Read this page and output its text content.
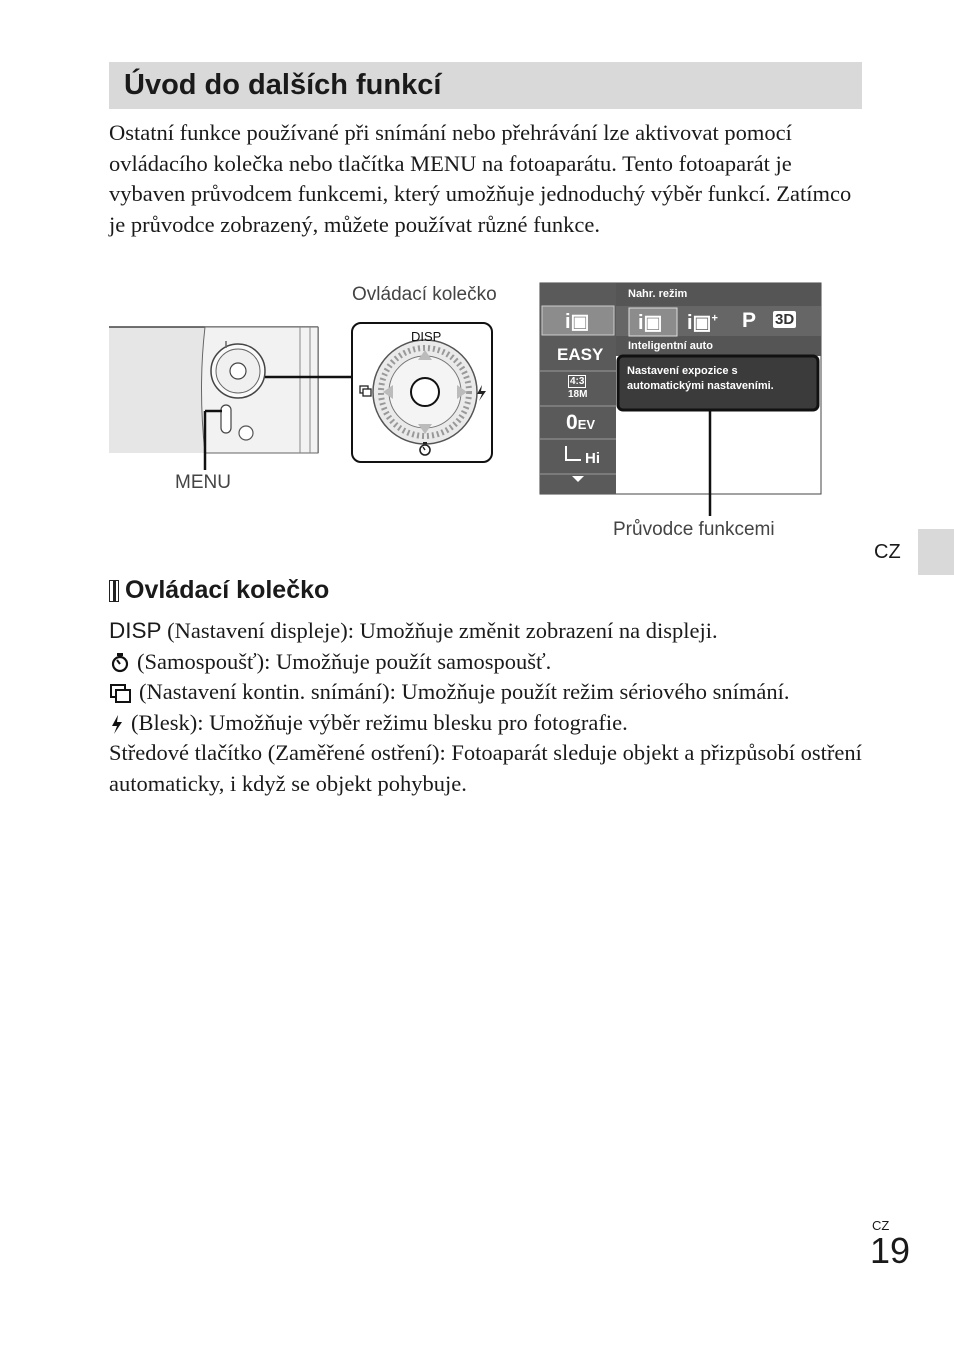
Úvod do dalších funkcí

Ostatní funkce používané při snímání nebo přehrávání lze aktivovat pomocí ovládacího kolečka nebo tlačítka MENU na fotoaparátu. Tento fotoaparát je vybaven průvodcem funkcemi, který umožňuje jednoduchý výběr funkcí. Zatímco je průvodce zobrazený, můžete používat různé funkce.

Ovládací kolečko
MENU
Průvodce funkcemi
Nahr. režim
i▣ i▣ i▣+ P 3D
Inteligentní auto
Nastavení expozice s
automatickými nastaveními.
EASY
4:3
18M
0EV
Hi
DISP
CZ
Ovládací kolečko

DISP (Nastavení displeje): Umožňuje změnit zobrazení na displeji.

(Samospoušť): Umožňuje použít samospoušť.

(Nastavení kontin. snímání): Umožňuje použít režim sériového snímání.

(Blesk): Umožňuje výběr režimu blesku pro fotografie.

Středové tlačítko (Zaměřené ostření): Fotoaparát sleduje objekt a přizpůsobí ostření automaticky, i když se objekt pohybuje.

CZ
19
